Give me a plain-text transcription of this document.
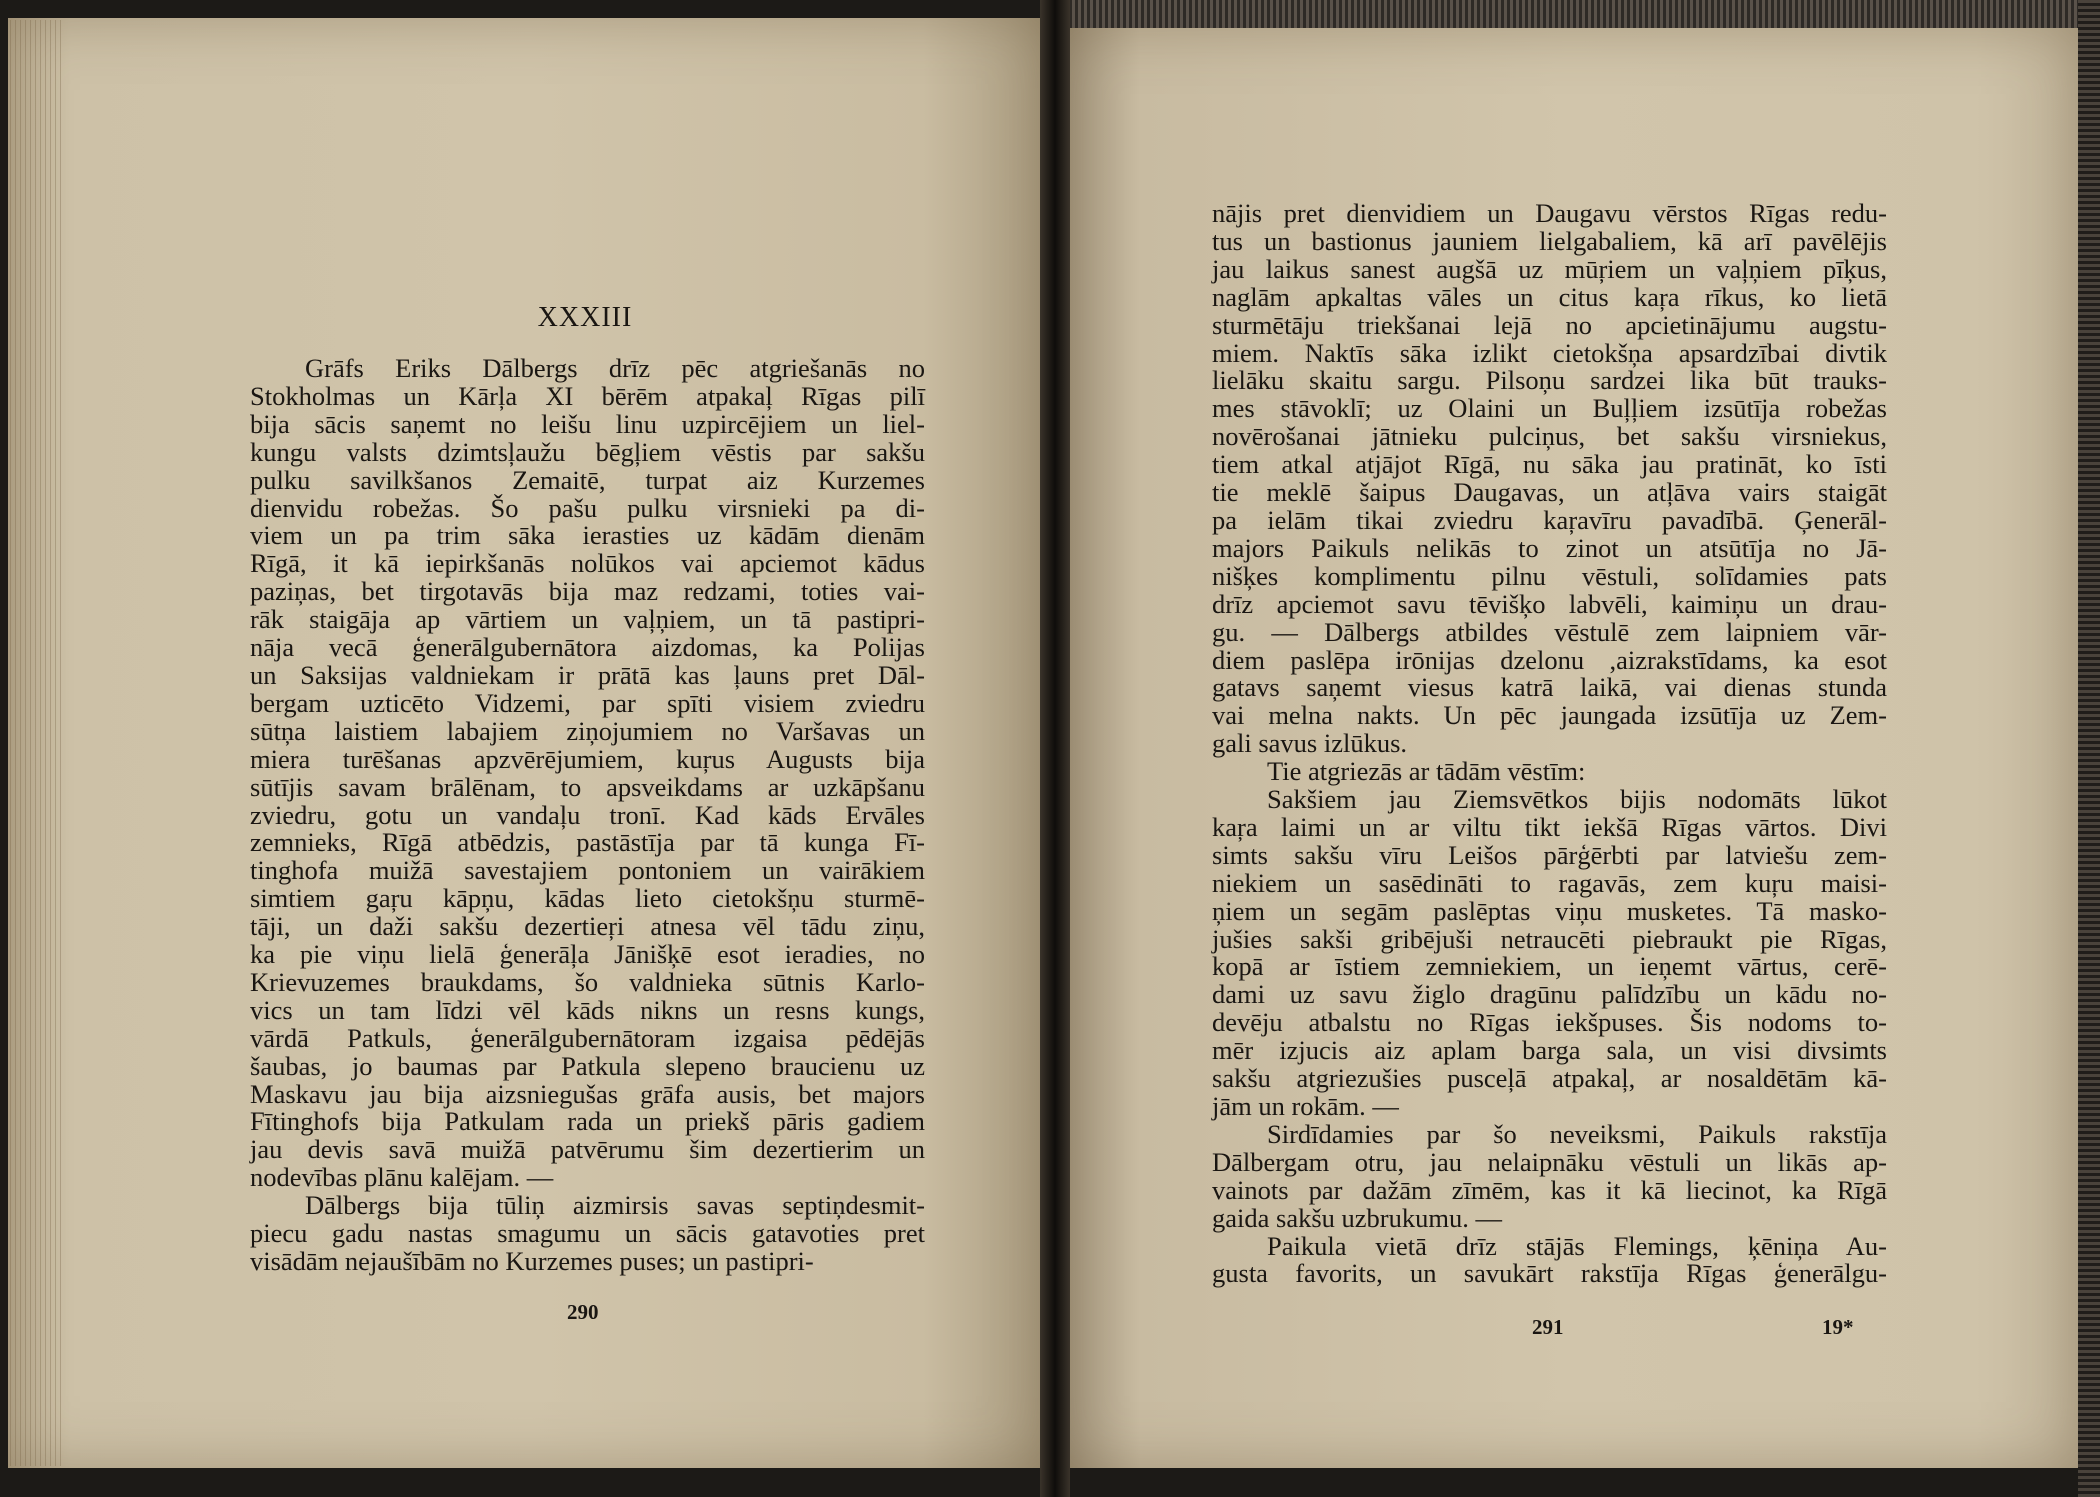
XXXIII

Grāfs Eriks Dālbergs drīz pēc atgriešanās no

Stokholmas un Kārļa XI bērēm atpakaļ Rīgas pilī

bija sācis saņemt no leišu linu uzpircējiem un liel-

kungu valsts dzimtsļaužu bēgļiem vēstis par sakšu

pulku savilkšanos Zemaitē, turpat aiz Kurzemes

dienvidu robežas. Šo pašu pulku virsnieki pa di-

viem un pa trim sāka ierasties uz kādām dienām

Rīgā, it kā iepirkšanās nolūkos vai apciemot kādus

paziņas, bet tirgotavās bija maz redzami, toties vai-

rāk staigāja ap vārtiem un vaļņiem, un tā pastipri-

nāja vecā ģenerālgubernātora aizdomas, ka Polijas

un Saksijas valdniekam ir prātā kas ļauns pret Dāl-

bergam uzticēto Vidzemi, par spīti visiem zviedru

sūtņa laistiem labajiem ziņojumiem no Varšavas un

miera turēšanas apzvērējumiem, kuŗus Augusts bija

sūtījis savam brālēnam, to apsveikdams ar uzkāpšanu

zviedru, gotu un vandaļu tronī. Kad kāds Ervāles

zemnieks, Rīgā atbēdzis, pastāstīja par tā kunga Fī-

tinghofa muižā savestajiem pontoniem un vairākiem

simtiem gaŗu kāpņu, kādas lieto cietokšņu sturmē-

tāji, un daži sakšu dezertieŗi atnesa vēl tādu ziņu,

ka pie viņu lielā ģenerāļa Jānišķē esot ieradies, no

Krievuzemes braukdams, šo valdnieka sūtnis Karlo-

vics un tam līdzi vēl kāds nikns un resns kungs,

vārdā Patkuls, ģenerālgubernātoram izgaisa pēdējās

šaubas, jo baumas par Patkula slepeno braucienu uz

Maskavu jau bija aizsniegušas grāfa ausis, bet majors

Fītinghofs bija Patkulam rada un priekš pāris gadiem

jau devis savā muižā patvērumu šim dezertierim un

nodevības plānu kalējam. —

Dālbergs bija tūliņ aizmirsis savas septiņdesmit-

piecu gadu nastas smagumu un sācis gatavoties pret

visādām nejaušībām no Kurzemes puses; un pastipri-

290

nājis pret dienvidiem un Daugavu vērstos Rīgas redu-

tus un bastionus jauniem lielgabaliem, kā arī pavēlējis

jau laikus sanest augšā uz mūŗiem un vaļņiem pīķus,

naglām apkaltas vāles un citus kaŗa rīkus, ko lietā

sturmētāju triekšanai lejā no apcietinājumu augstu-

miem. Naktīs sāka izlikt cietokšņa apsardzībai divtik

lielāku skaitu sargu. Pilsoņu sardzei lika būt trauks-

mes stāvoklī; uz Olaini un Buļļiem izsūtīja robežas

novērošanai jātnieku pulciņus, bet sakšu virsniekus,

tiem atkal atjājot Rīgā, nu sāka jau pratināt, ko īsti

tie meklē šaipus Daugavas, un atļāva vairs staigāt

pa ielām tikai zviedru kaŗavīru pavadībā. Ģenerāl-

majors Paikuls nelikās to zinot un atsūtīja no Jā-

nišķes komplimentu pilnu vēstuli, solīdamies pats

drīz apciemot savu tēvišķo labvēli, kaimiņu un drau-

gu. — Dālbergs atbildes vēstulē zem laipniem vār-

diem paslēpa irōnijas dzelonu ,aizrakstīdams, ka esot

gatavs saņemt viesus katrā laikā, vai dienas stunda

vai melna nakts. Un pēc jaungada izsūtīja uz Zem-

gali savus izlūkus.

Tie atgriezās ar tādām vēstīm:

Sakšiem jau Ziemsvētkos bijis nodomāts lūkot

kaŗa laimi un ar viltu tikt iekšā Rīgas vārtos. Divi

simts sakšu vīru Leišos pārģērbti par latviešu zem-

niekiem un sasēdināti to ragavās, zem kuŗu maisi-

ņiem un segām paslēptas viņu musketes. Tā masko-

jušies sakši gribējuši netraucēti piebraukt pie Rīgas,

kopā ar īstiem zemniekiem, un ieņemt vārtus, cerē-

dami uz savu žiglo dragūnu palīdzību un kādu no-

devēju atbalstu no Rīgas iekšpuses. Šis nodoms to-

mēr izjucis aiz aplam barga sala, un visi divsimts

sakšu atgriezušies pusceļā atpakaļ, ar nosaldētām kā-

jām un rokām. —

Sirdīdamies par šo neveiksmi, Paikuls rakstīja

Dālbergam otru, jau nelaipnāku vēstuli un likās ap-

vainots par dažām zīmēm, kas it kā liecinot, ka Rīgā

gaida sakšu uzbrukumu. —

Paikula vietā drīz stājās Flemings, ķēniņa Au-

gusta favorits, un savukārt rakstīja Rīgas ģenerālgu-

291	19*
